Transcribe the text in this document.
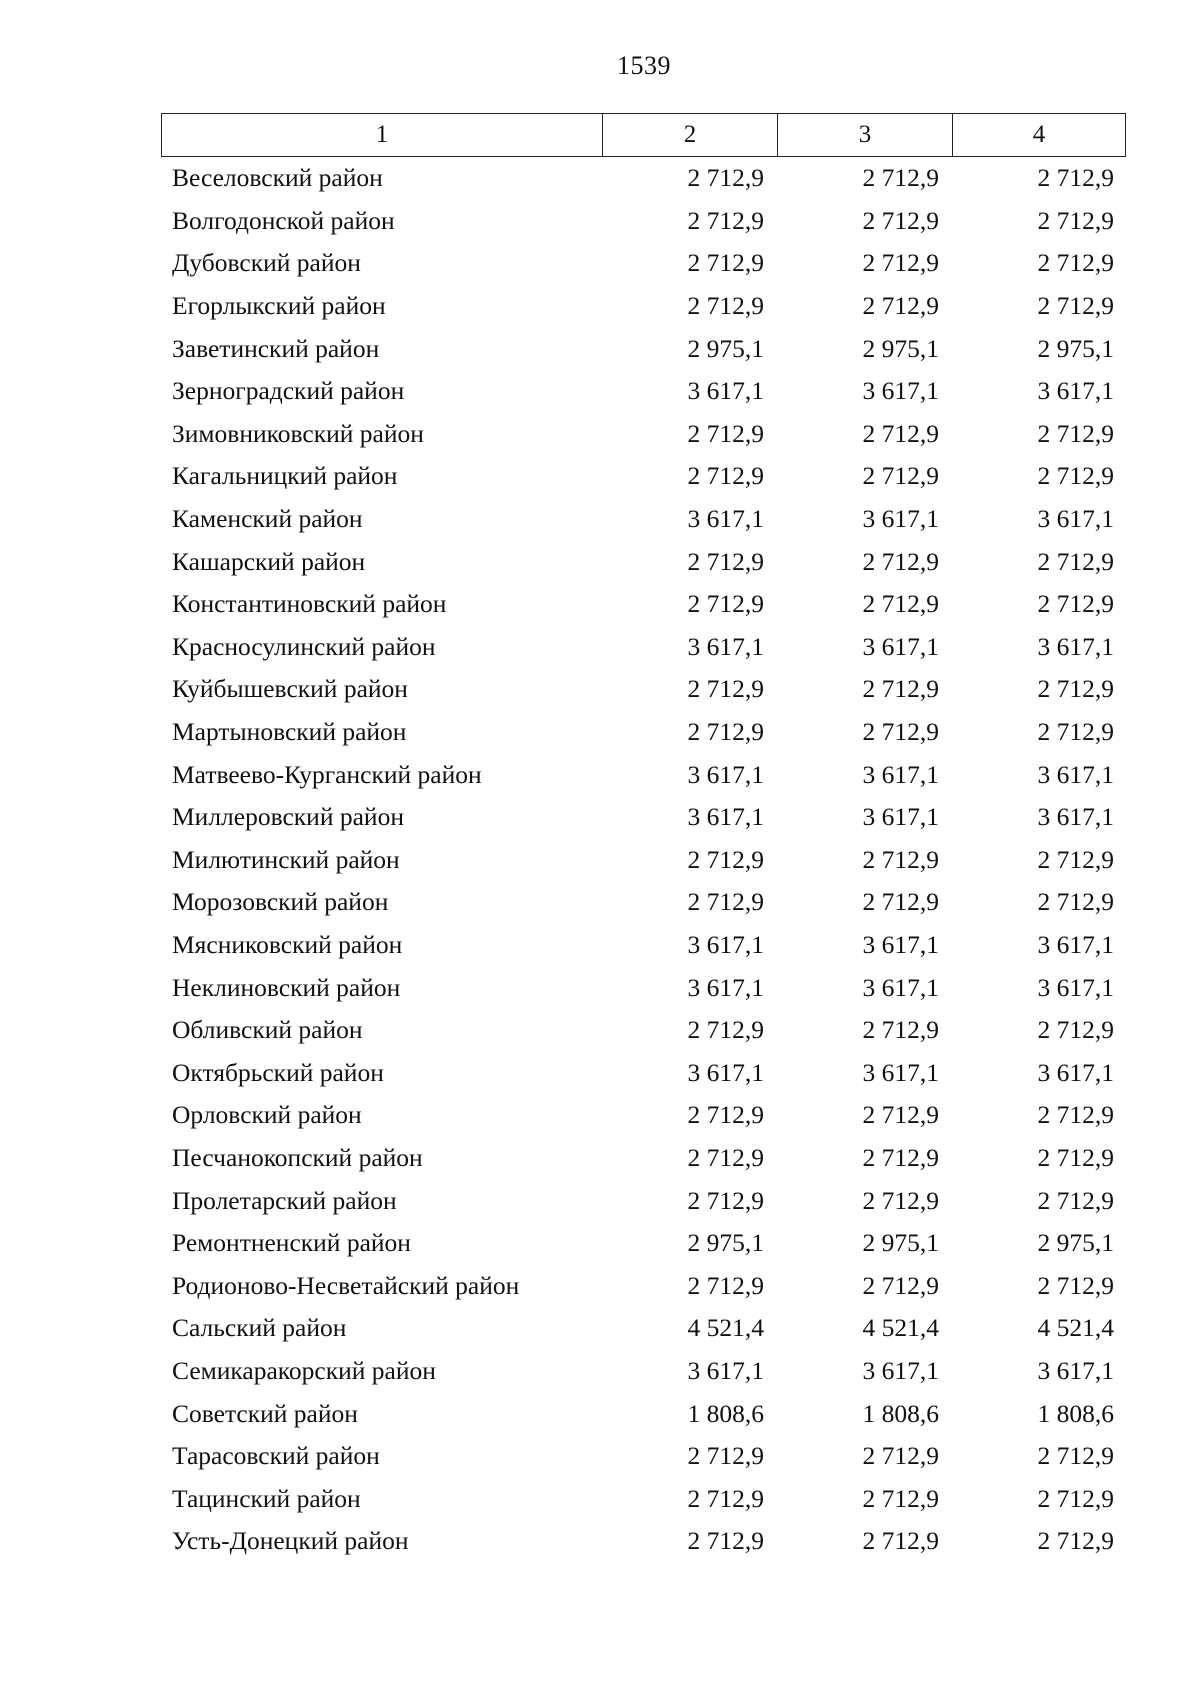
1539
1	2	3	4
Веселовский район	2 712,9	2 712,9	2 712,9
Волгодонской район	2 712,9	2 712,9	2 712,9
Дубовский район	2 712,9	2 712,9	2 712,9
Егорлыкский район	2 712,9	2 712,9	2 712,9
Заветинский район	2 975,1	2 975,1	2 975,1
Зерноградский район	3 617,1	3 617,1	3 617,1
Зимовниковский район	2 712,9	2 712,9	2 712,9
Кагальницкий район	2 712,9	2 712,9	2 712,9
Каменский район	3 617,1	3 617,1	3 617,1
Кашарский район	2 712,9	2 712,9	2 712,9
Константиновский район	2 712,9	2 712,9	2 712,9
Красносулинский район	3 617,1	3 617,1	3 617,1
Куйбышевский район	2 712,9	2 712,9	2 712,9
Мартыновский район	2 712,9	2 712,9	2 712,9
Матвеево-Курганский район	3 617,1	3 617,1	3 617,1
Миллеровский район	3 617,1	3 617,1	3 617,1
Милютинский район	2 712,9	2 712,9	2 712,9
Морозовский район	2 712,9	2 712,9	2 712,9
Мясниковский район	3 617,1	3 617,1	3 617,1
Неклиновский район	3 617,1	3 617,1	3 617,1
Обливский район	2 712,9	2 712,9	2 712,9
Октябрьский район	3 617,1	3 617,1	3 617,1
Орловский район	2 712,9	2 712,9	2 712,9
Песчанокопский район	2 712,9	2 712,9	2 712,9
Пролетарский район	2 712,9	2 712,9	2 712,9
Ремонтненский район	2 975,1	2 975,1	2 975,1
Родионово-Несветайский район	2 712,9	2 712,9	2 712,9
Сальский район	4 521,4	4 521,4	4 521,4
Семикаракорский район	3 617,1	3 617,1	3 617,1
Советский район	1 808,6	1 808,6	1 808,6
Тарасовский район	2 712,9	2 712,9	2 712,9
Тацинский район	2 712,9	2 712,9	2 712,9
Усть-Донецкий район	2 712,9	2 712,9	2 712,9
